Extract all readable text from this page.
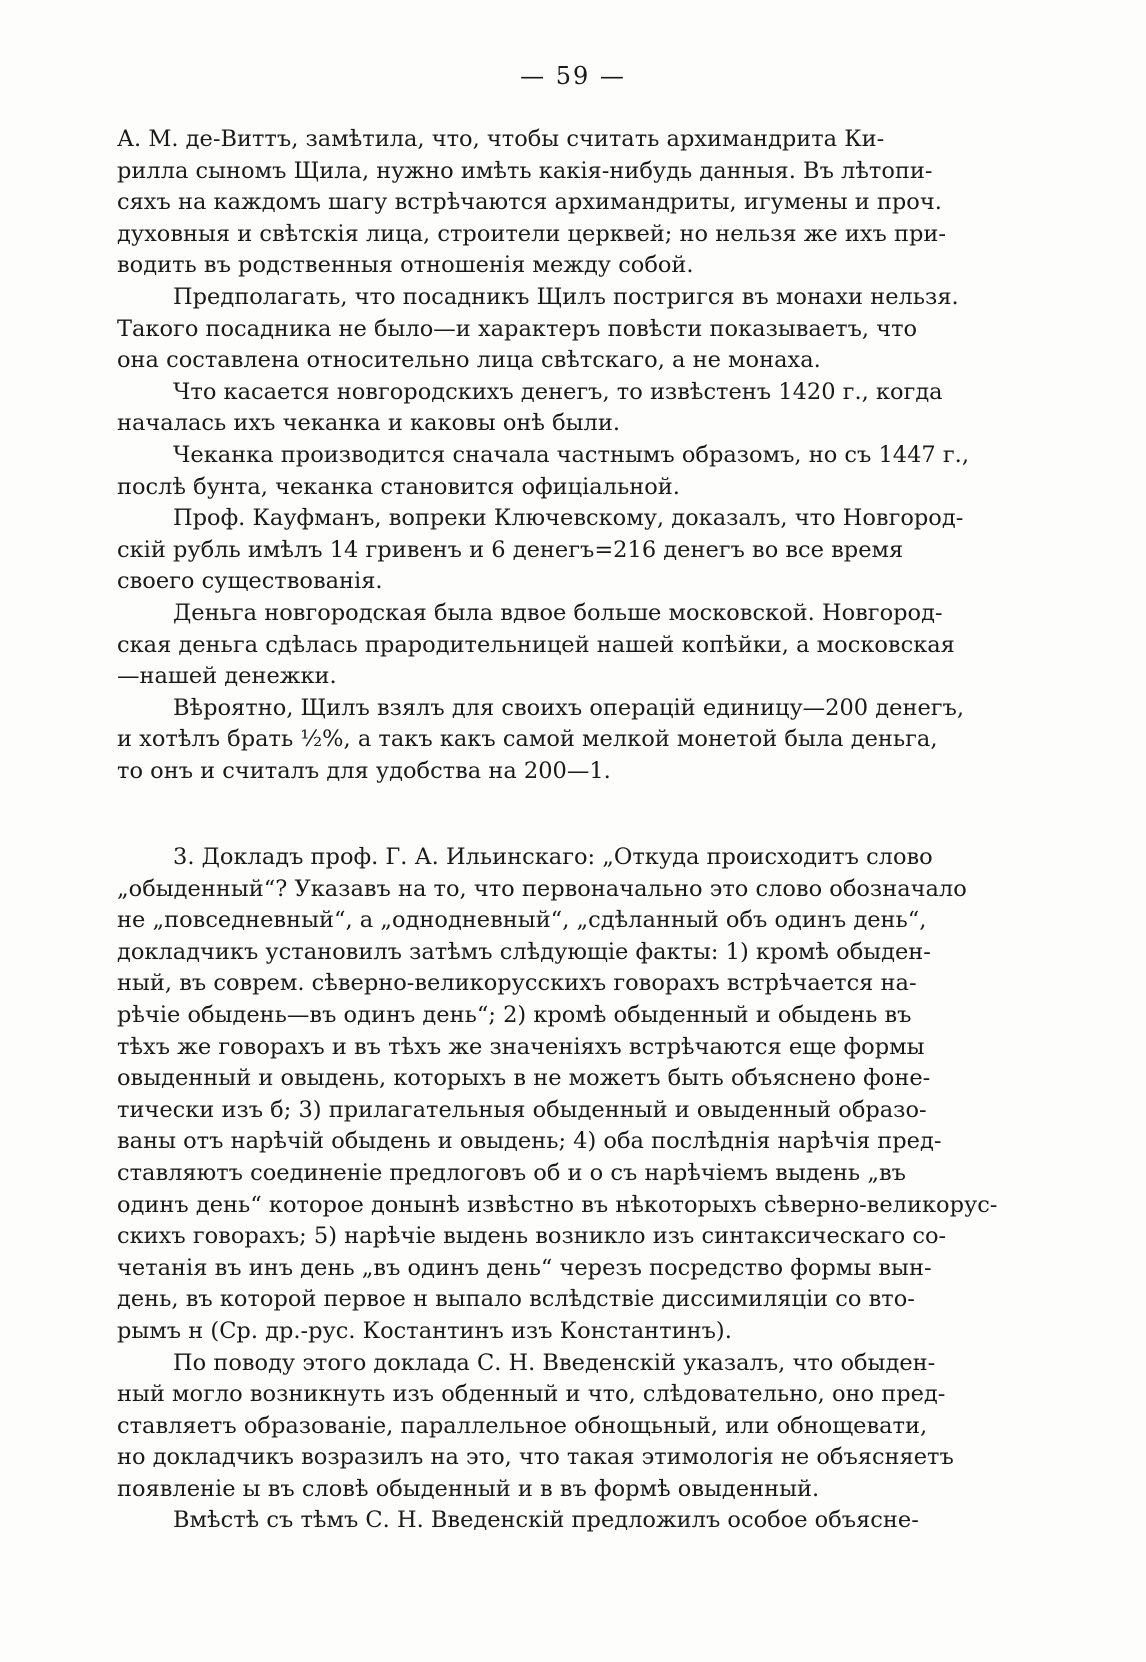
— 59 —
А. М. де-Виттъ, замѣтила, что, чтобы считать архимандрита Ки-
рилла сыномъ Щила, нужно имѣть какія-нибудь данныя. Въ лѣтопи-
сяхъ на каждомъ шагу встрѣчаются архимандриты, игумены и проч.
духовныя и свѣтскія лица, строители церквей; но нельзя же ихъ при-
водить въ родственныя отношенія между собой.
Предполагать, что посадникъ Щилъ постригся въ монахи нельзя.
Такого посадника не было—и характеръ повѣсти показываетъ, что
она составлена относительно лица свѣтскаго, а не монаха.
Что касается новгородскихъ денегъ, то извѣстенъ 1420 г., когда
началась ихъ чеканка и каковы онѣ были.
Чеканка производится сначала частнымъ образомъ, но съ 1447 г.,
послѣ бунта, чеканка становится офиціальной.
Проф. Кауфманъ, вопреки Ключевскому, доказалъ, что Новгород-
скій рубль имѣлъ 14 гривенъ и 6 денегъ=216 денегъ во все время
своего существованія.
Деньга новгородская была вдвое больше московской. Новгород-
ская деньга сдѣлась прародительницей нашей копѣйки, а московская
—нашей денежки.
Вѣроятно, Щилъ взялъ для своихъ операцій единицу—200 денегъ,
и хотѣлъ брать ½%, а такъ какъ самой мелкой монетой была деньга,
то онъ и считалъ для удобства на 200—1.
3. Докладъ проф. Г. А. Ильинскаго: „Откуда происходитъ слово
„обыденный“? Указавъ на то, что первоначально это слово обозначало
не „повседневный“, а „однодневный“, „сдѣланный объ одинъ день“,
докладчикъ установилъ затѣмъ слѣдующіе факты: 1) кромѣ обыден-
ный, въ соврем. сѣверно-великорусскихъ говорахъ встрѣчается на-
рѣчіе обыдень—въ одинъ день“; 2) кромѣ обыденный и обыдень въ
тѣхъ же говорахъ и въ тѣхъ же значеніяхъ встрѣчаются еще формы
овыденный и овыдень, которыхъ в не можетъ быть объяснено фоне-
тически изъ б; 3) прилагательныя обыденный и овыденный образо-
ваны отъ нарѣчій обыдень и овыдень; 4) оба послѣднія нарѣчія пред-
ставляютъ соединеніе предлоговъ об и о съ нарѣчіемъ выдень „въ
одинъ день“ которое донынѣ извѣстно въ нѣкоторыхъ сѣверно-великорус-
скихъ говорахъ; 5) нарѣчіе выдень возникло изъ синтаксическаго со-
четанія въ инъ день „въ одинъ день“ черезъ посредство формы вын-
день, въ которой первое н выпало вслѣдствіе диссимиляціи со вто-
рымъ н (Ср. др.-рус. Костантинъ изъ Константинъ).
По поводу этого доклада С. Н. Введенскій указалъ, что обыден-
ный могло возникнуть изъ обденный и что, слѣдовательно, оно пред-
ставляетъ образованіе, параллельное обнощьный, или обнощевати,
но докладчикъ возразилъ на это, что такая этимологія не объясняетъ
появленіе ы въ словѣ обыденный и в въ формѣ овыденный.
Вмѣстѣ съ тѣмъ С. Н. Введенскій предложилъ особое объясне-
